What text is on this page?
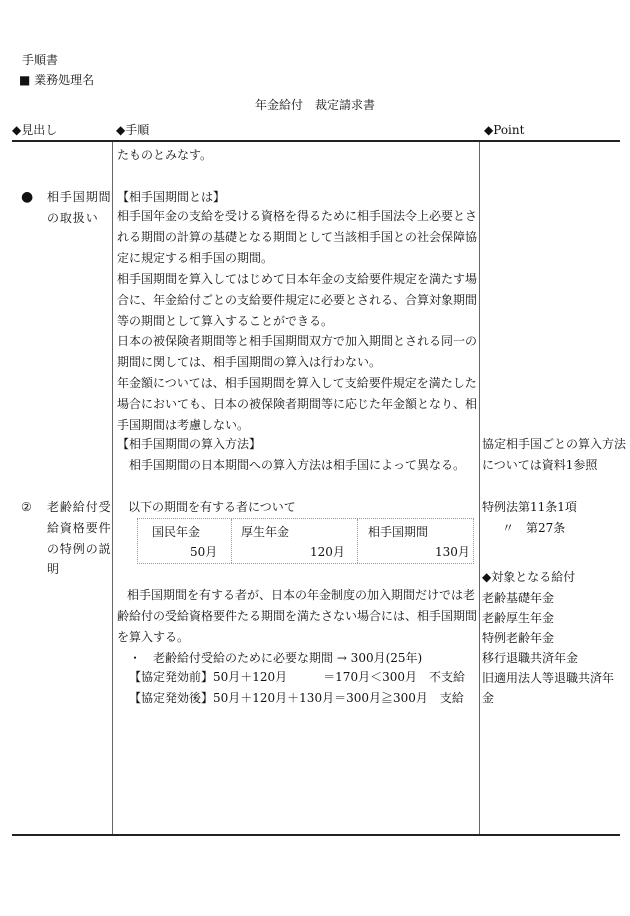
手順書
■ 業務処理名
年金給付　裁定請求書
◆見出し	◆手順	◆Point
● 相手国期間
の取扱い
② 老齢給付受
給資格要件
の特例の説
明
たものとみなす。
【相手国期間とは】
【相手国期間の算入方法】
相手国期間の日本期間への算入方法は相手国によって異なる。
以下の期間を有する者について
国民年金
50月
厚生年金
120月
相手国期間
130月
相手国期間を有する者が、日本の年金制度の加入期間だけでは老
齢給付の受給資格要件たる期間を満たさない場合には、相手国期間
を算入する。
・　老齢給付受給のために必要な期間 → 300月(25年)
【協定発効前】50月＋120月　　　＝170月＜300月　不支給
【協定発効後】50月＋120月＋130月＝300月≧300月　支給
協定相手国ごとの算入方法
については資料1参照
特例法第11条1項
〃　第27条
◆対象となる給付
相手国年金の支給を受ける資格を得るために相手国法令上必要とさ
れる期間の計算の基礎となる期間として当該相手国との社会保障協
定に規定する相手国の期間。
相手国期間を算入してはじめて日本年金の支給要件規定を満たす場
合に、年金給付ごとの支給要件規定に必要とされる、合算対象期間
等の期間として算入することができる。
日本の被保険者期間等と相手国期間双方で加入期間とされる同一の
期間に関しては、相手国期間の算入は行わない。
年金額については、相手国期間を算入して支給要件規定を満たした
場合においても、日本の被保険者期間等に応じた年金額となり、相
手国期間は考慮しない。
老齢基礎年金
老齢厚生年金
特例老齢年金
移行退職共済年金
旧適用法人等退職共済年
金
